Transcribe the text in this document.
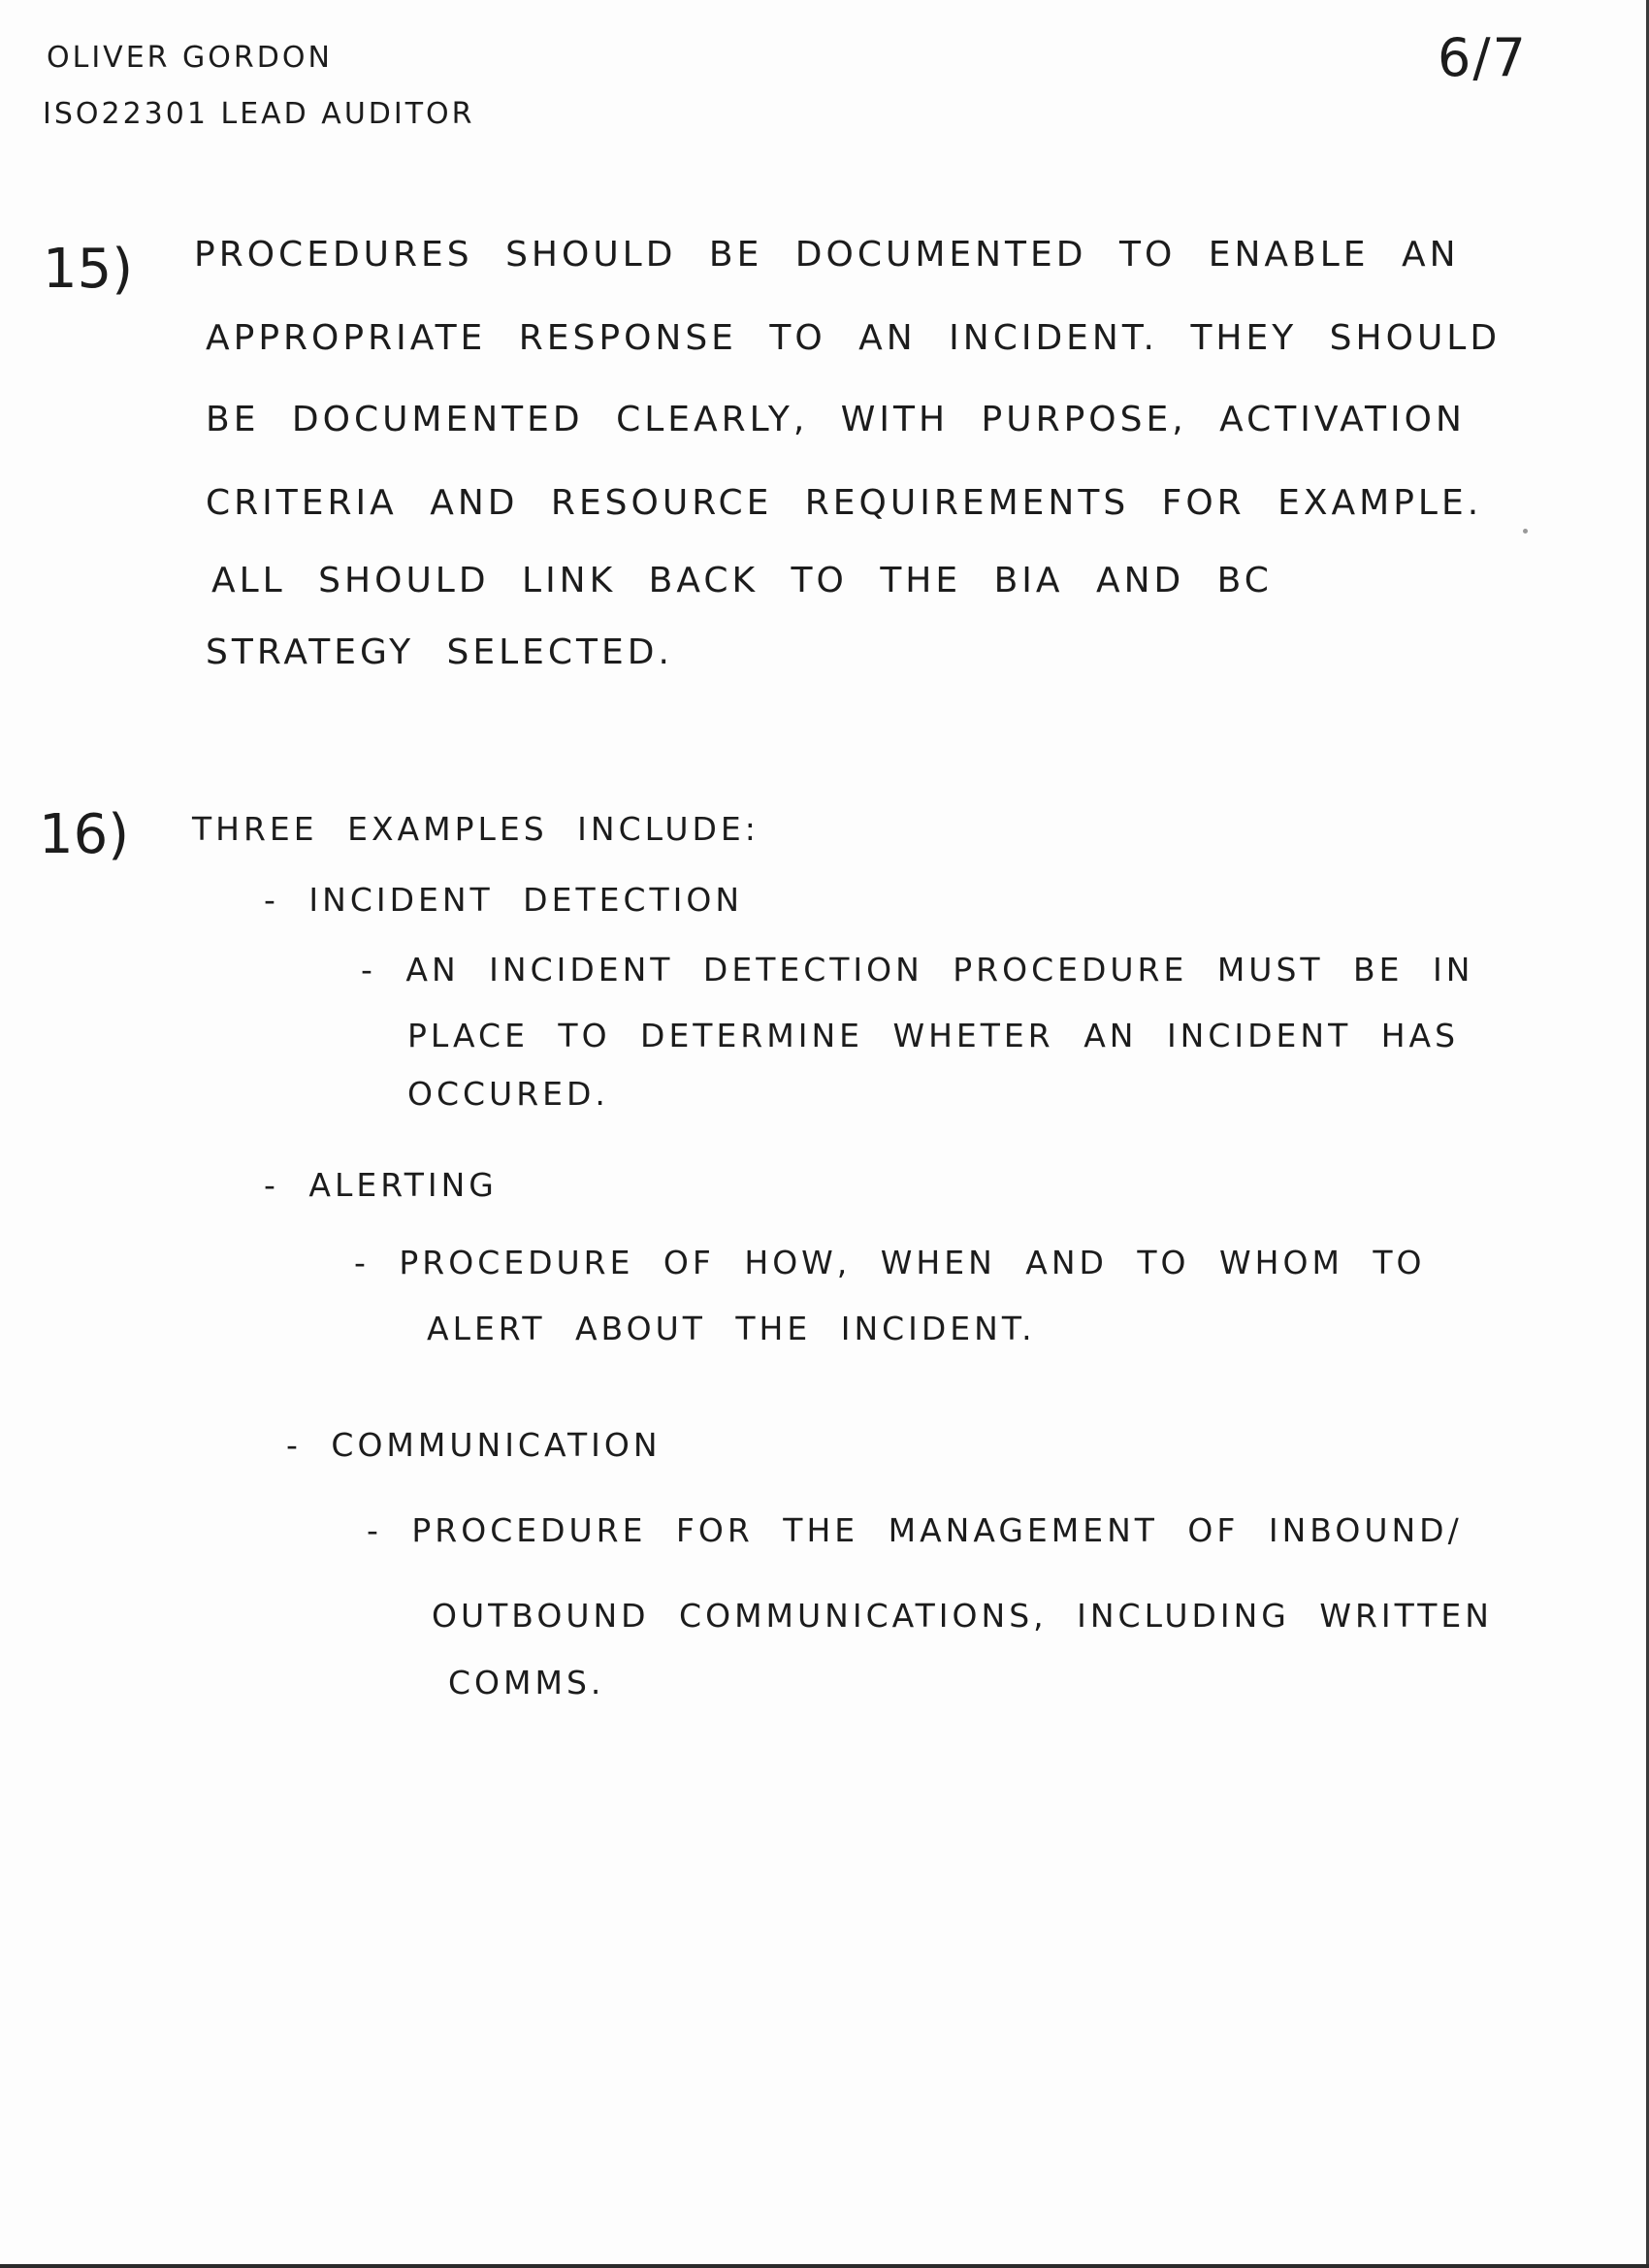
OLIVER GORDON
ISO22301 LEAD AUDITOR
6/7
15) PROCEDURES SHOULD BE DOCUMENTED TO ENABLE AN
APPROPRIATE RESPONSE TO AN INCIDENT. THEY SHOULD
BE DOCUMENTED CLEARLY, WITH PURPOSE, ACTIVATION
CRITERIA AND RESOURCE REQUIREMENTS FOR EXAMPLE.
ALL SHOULD LINK BACK TO THE BIA AND BC
STRATEGY SELECTED.
16) THREE EXAMPLES INCLUDE:
- INCIDENT DETECTION
- AN INCIDENT DETECTION PROCEDURE MUST BE IN
PLACE TO DETERMINE WHETER AN INCIDENT HAS
OCCURED.
- ALERTING
- PROCEDURE OF HOW, WHEN AND TO WHOM TO
ALERT ABOUT THE INCIDENT.
- COMMUNICATION
- PROCEDURE FOR THE MANAGEMENT OF INBOUND/
OUTBOUND COMMUNICATIONS, INCLUDING WRITTEN
COMMS.
